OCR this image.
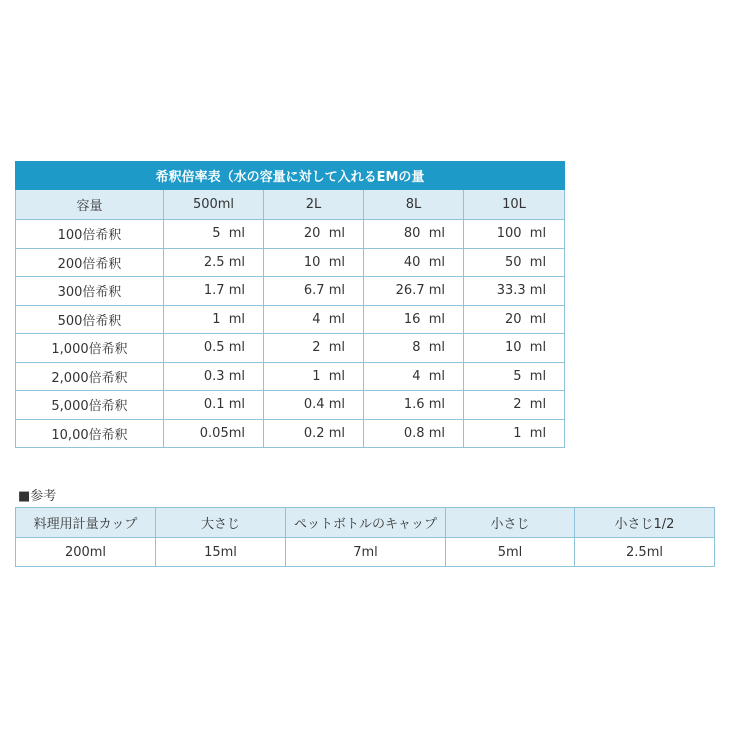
希釈倍率表（水の容量に対して入れるEMの量				
容量	500ml	2L	8L	10L
100倍希釈	5  ml	20  ml	80  ml	100  ml
200倍希釈	2.5 ml	10  ml	40  ml	50  ml
300倍希釈	1.7 ml	6.7 ml	26.7 ml	33.3 ml
500倍希釈	1  ml	4  ml	16  ml	20  ml
1,000倍希釈	0.5 ml	2  ml	8  ml	10  ml
2,000倍希釈	0.3 ml	1  ml	4  ml	5  ml
5,000倍希釈	0.1 ml	0.4 ml	1.6 ml	2  ml
10,00倍希釈	0.05ml	0.2 ml	0.8 ml	1  ml
■参考
料理用計量カップ	大さじ	ペットボトルのキャップ	小さじ	小さじ1/2
200ml	15ml	7ml	5ml	2.5ml
